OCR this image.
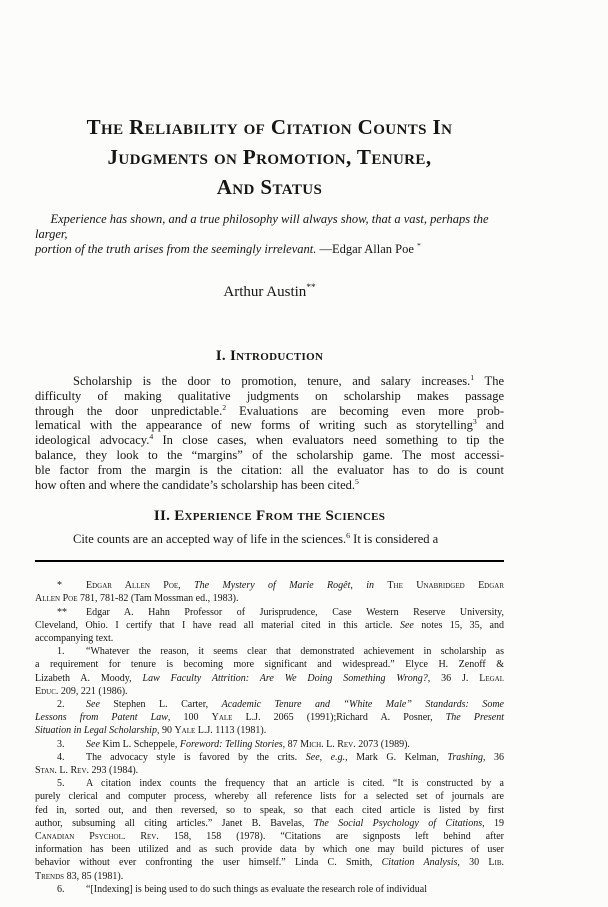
The Reliability of Citation Counts In
Judgments on Promotion, Tenure,
And Status
Experience has shown, and a true philosophy will always show, that a vast, perhaps the larger,
portion of the truth arises from the seemingly irrelevant. —Edgar Allan Poe *
Arthur Austin**
I. Introduction
Scholarship is the door to promotion, tenure, and salary increases.$^1$ The
difficulty of making qualitative judgments on scholarship makes passage
through the door unpredictable.$^2$ Evaluations are becoming even more prob-
lematical with the appearance of new forms of writing such as storytelling$^3$ and
ideological advocacy.$^4$ In close cases, when evaluators need something to tip the
balance, they look to the “margins” of the scholarship game. The most accessi-
ble factor from the margin is the citation: all the evaluator has to do is count
how often and where the candidate’s scholarship has been cited.$^5$
II. Experience From the Sciences
Cite counts are an accepted way of life in the sciences.$^6$ It is considered a
* Edgar Allen Poe, The Mystery of Marie Rogêt, in The Unabridged Edgar
Allen Poe 781, 781-82 (Tam Mossman ed., 1983).
** Edgar A. Hahn Professor of Jurisprudence, Case Western Reserve University,
Cleveland, Ohio. I certify that I have read all material cited in this article. See notes 15, 35, and
accompanying text.
1. “Whatever the reason, it seems clear that demonstrated achievement in scholarship as
a requirement for tenure is becoming more significant and widespread.” Elyce H. Zenoff &
Lizabeth A. Moody, Law Faculty Attrition: Are We Doing Something Wrong?, 36 J. Legal
Educ. 209, 221 (1986).
2. See Stephen L. Carter, Academic Tenure and “White Male” Standards: Some
Lessons from Patent Law, 100 Yale L.J. 2065 (1991);Richard A. Posner, The Present
Situation in Legal Scholarship, 90 Yale L.J. 1113 (1981).
3. See Kim L. Scheppele, Foreword: Telling Stories, 87 Mich. L. Rev. 2073 (1989).
4. The advocacy style is favored by the crits. See, e.g., Mark G. Kelman, Trashing, 36
Stan. L. Rev. 293 (1984).
5. A citation index counts the frequency that an article is cited. “It is constructed by a
purely clerical and computer process, whereby all reference lists for a selected set of journals are
fed in, sorted out, and then reversed, so to speak, so that each cited article is listed by first
author, subsuming all citing articles.” Janet B. Bavelas, The Social Psychology of Citations, 19
Canadian Psychol. Rev. 158, 158 (1978). “Citations are signposts left behind after
information has been utilized and as such provide data by which one may build pictures of user
behavior without ever confronting the user himself.” Linda C. Smith, Citation Analysis, 30 Lib.
Trends 83, 85 (1981).
6. “[Indexing] is being used to do such things as evaluate the research role of individual
